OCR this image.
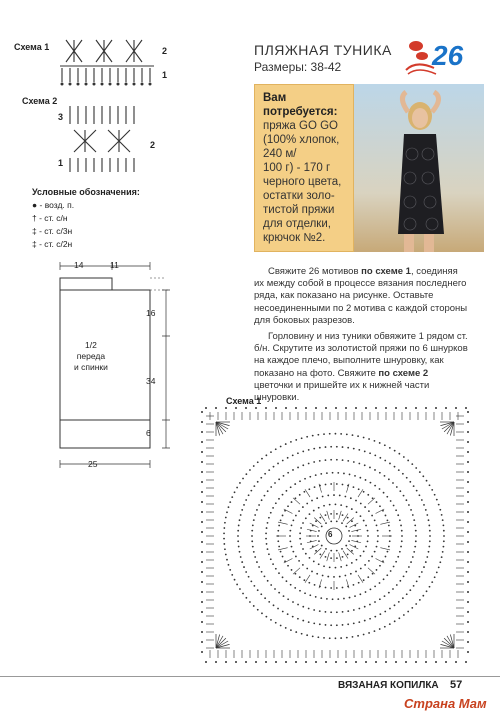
Схема 1	2
1
Схема 2
3
2
1
Условные обозначения:
● - возд. п.
† - ст. с/н
‡ - ст. с/3н
‡ - ст. с/2н
14	11
16
34
6
25
1/2
переда
и спинки
ПЛЯЖНАЯ ТУНИКА
Размеры: 38-42	26
Вам
потребуется:
пряжа GO GO
(100% хлопок,
240 м/
100 г) - 170 г
черного цвета,
остатки золо-
тистой пряжи
для отделки,
крючок №2.

Свяжите 26 мотивов по схеме 1, соединяя их между собой в процессе вязания последнего ряда, как показано на рисунке. Оставьте несоединенными по 2 мотива с каждой стороны для боковых разрезов.

Горловину и низ туники обвяжите 1 рядом ст. б/н. Скрутите из золотистой пряжи по 6 шнурков на каждое плечо, выполните шнуровку, как показано на фото. Свяжите по схеме 2 цветочки и пришейте их к нижней части шнуровки.

Схема 1
6
ВЯЗАНАЯ КОПИЛКА 57
Страна Мам
